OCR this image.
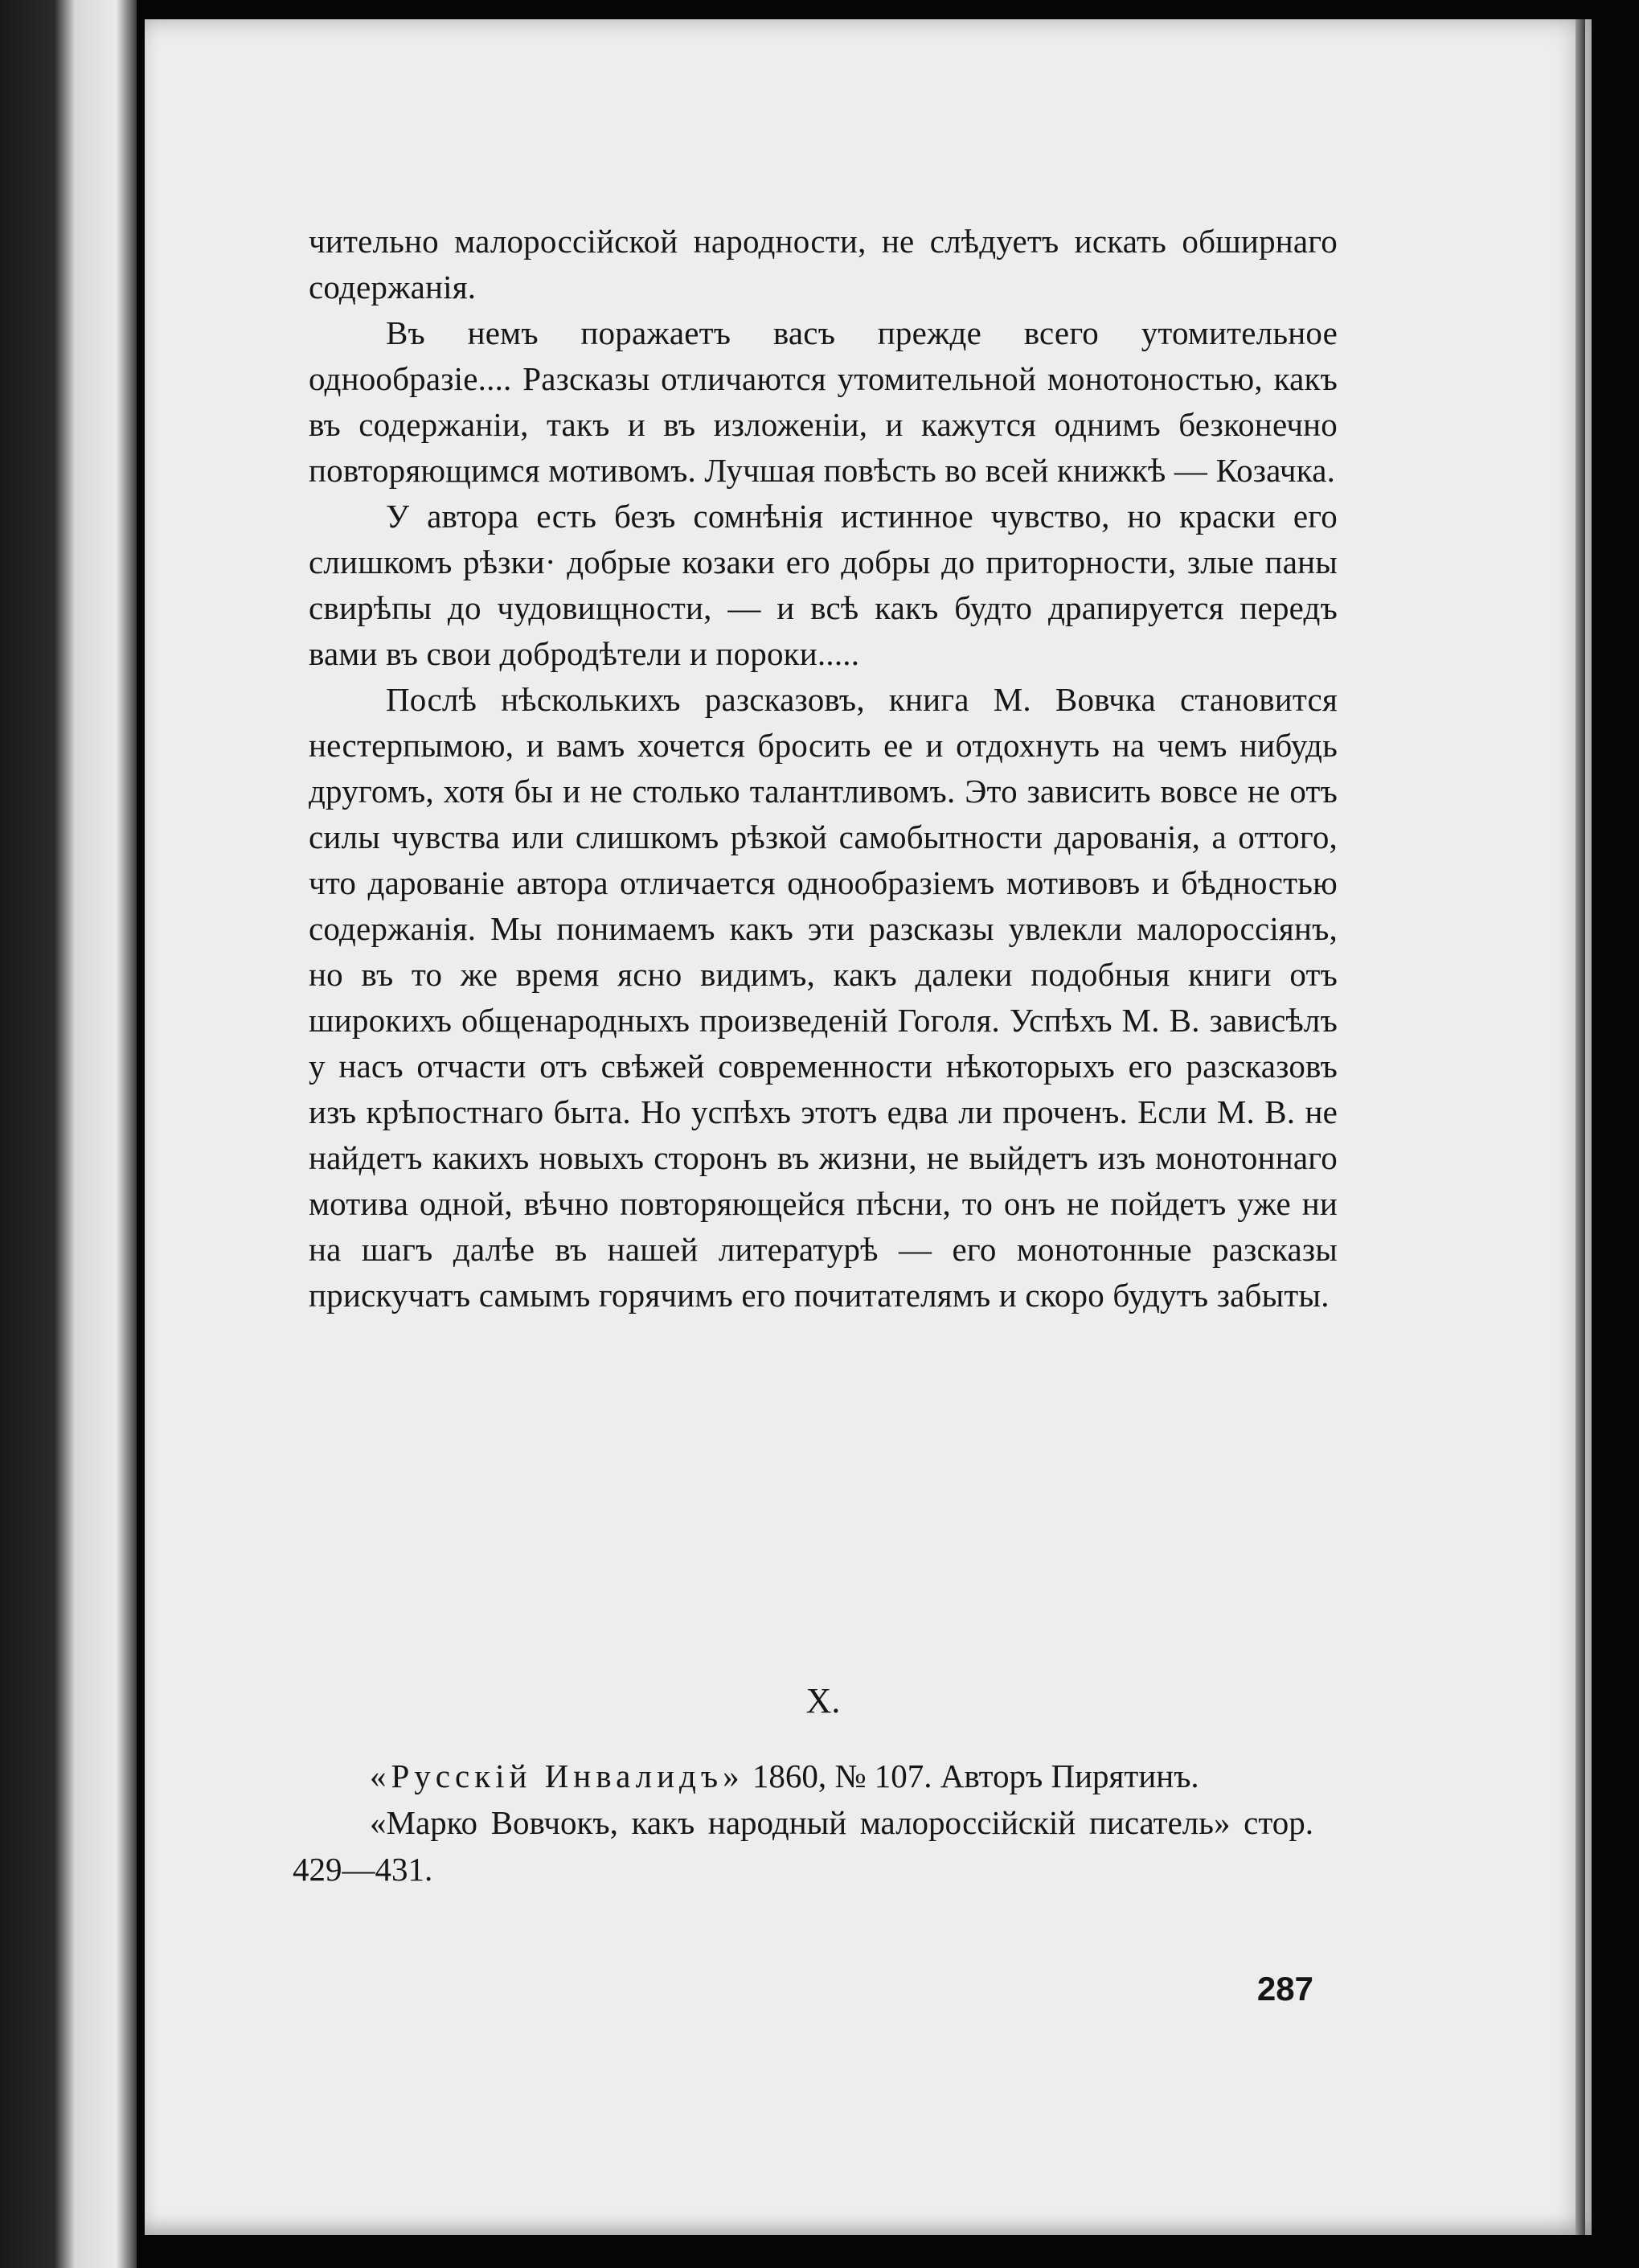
чительно малороссійской народности, не слѣдуетъ искать обширнаго содержанія.

Въ немъ поражаетъ васъ прежде всего утомительное однообразіе.... Разсказы отличаются утомительной монотоностью, какъ въ содержаніи, такъ и въ изложеніи, и кажутся однимъ безконечно повторяющимся мотивомъ. Лучшая повѣсть во всей книжкѣ — Козачка.

У автора есть безъ сомнѣнія истинное чувство, но краски его слишкомъ рѣзки· добрые козаки его добры до приторности, злые паны свирѣпы до чудовищности, — и всѣ какъ будто драпируется передъ вами въ свои добродѣтели и пороки.....

Послѣ нѣсколькихъ разсказовъ, книга М. Вовчка становится нестерпымою, и вамъ хочется бросить ее и отдохнуть на чемъ нибудь другомъ, хотя бы и не столько талантливомъ. Это зависить вовсе не отъ силы чувства или слишкомъ рѣзкой самобытности дарованія, а оттого, что дарованіе автора отличается однообразіемъ мотивовъ и бѣдностью содержанія. Мы понимаемъ какъ эти разсказы увлекли малороссіянъ, но въ то же время ясно видимъ, какъ далеки подобныя книги отъ широкихъ общенародныхъ произведеній Гоголя. Успѣхъ М. В. зависѣлъ у насъ отчасти отъ свѣжей современности нѣкоторыхъ его разсказовъ изъ крѣпостнаго быта. Но успѣхъ этотъ едва ли проченъ. Если М. В. не найдетъ какихъ новыхъ сторонъ въ жизни, не выйдетъ изъ монотоннаго мотива одной, вѣчно повторяющейся пѣсни, то онъ не пойдетъ уже ни на шагъ далѣе въ нашей литературѣ — его монотонные разсказы прискучатъ самымъ горячимъ его почитателямъ и скоро будутъ забыты.

X.

«Русскій Инвалидъ» 1860, № 107. Авторъ Пирятинъ.

«Марко Вовчокъ, какъ народный малороссійскій писатель» стор. 429—431.

287
